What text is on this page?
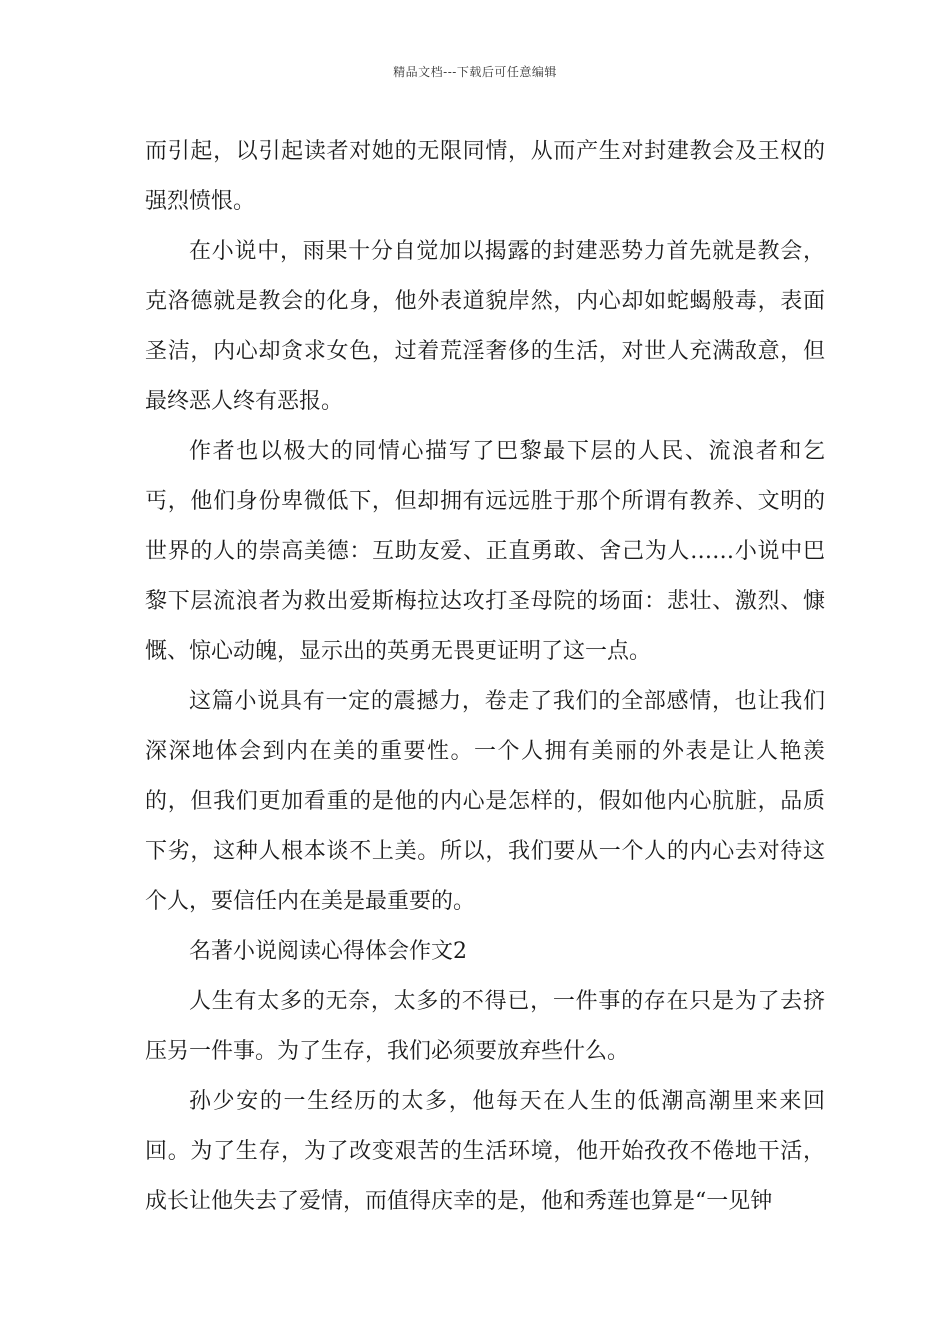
精品文档---下载后可任意编辑

而引起，以引起读者对她的无限同情，从而产生对封建教会及王权的强烈愤恨。

在小说中，雨果十分自觉加以揭露的封建恶势力首先就是教会，克洛德就是教会的化身，他外表道貌岸然，内心却如蛇蝎般毒，表面圣洁，内心却贪求女色，过着荒淫奢侈的生活，对世人充满敌意，但最终恶人终有恶报。

作者也以极大的同情心描写了巴黎最下层的人民、流浪者和乞丐，他们身份卑微低下，但却拥有远远胜于那个所谓有教养、文明的世界的人的崇高美德：互助友爱、正直勇敢、舍己为人……小说中巴黎下层流浪者为救出爱斯梅拉达攻打圣母院的场面：悲壮、激烈、慷慨、惊心动魄，显示出的英勇无畏更证明了这一点。

这篇小说具有一定的震撼力，卷走了我们的全部感情，也让我们深深地体会到内在美的重要性。一个人拥有美丽的外表是让人艳羡的，但我们更加看重的是他的内心是怎样的，假如他内心肮脏，品质下劣，这种人根本谈不上美。所以，我们要从一个人的内心去对待这个人，要信任内在美是最重要的。

名著小说阅读心得体会作文2

人生有太多的无奈，太多的不得已，一件事的存在只是为了去挤压另一件事。为了生存，我们必须要放弃些什么。

孙少安的一生经历的太多，他每天在人生的低潮高潮里来来回回。为了生存，为了改变艰苦的生活环境，他开始孜孜不倦地干活，成长让他失去了爱情，而值得庆幸的是，他和秀莲也算是“一见钟
